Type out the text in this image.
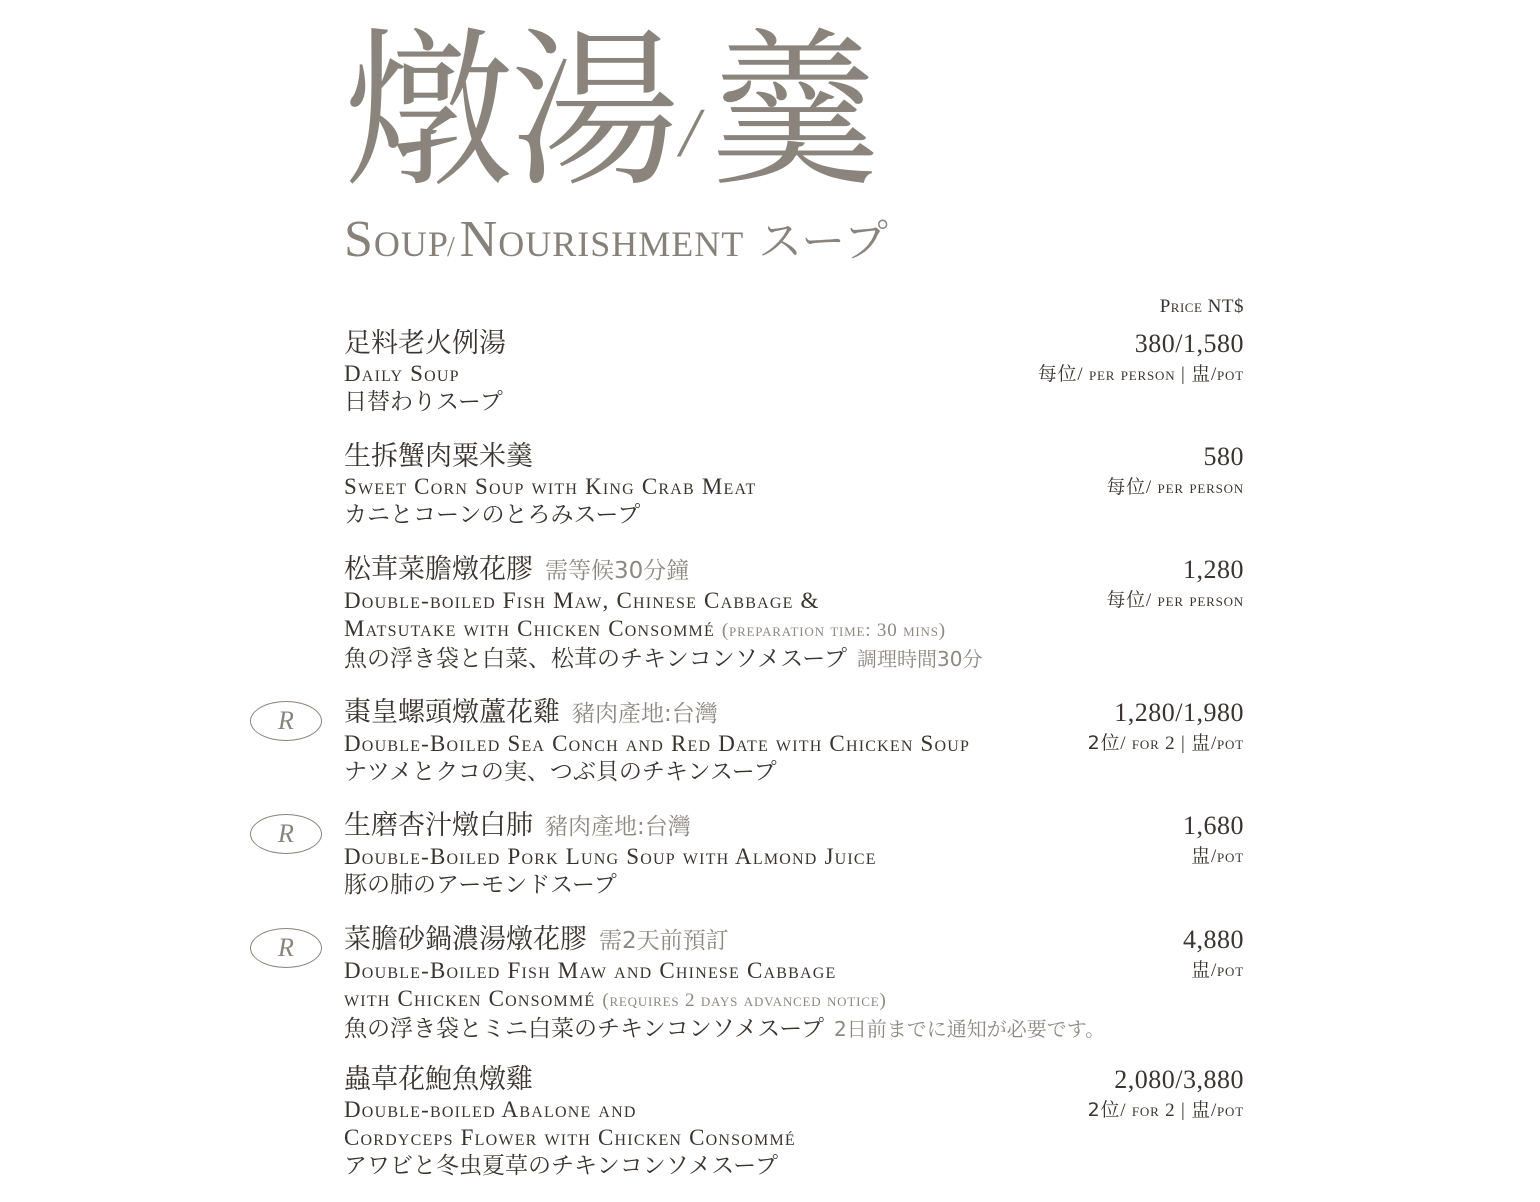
燉湯/羹
Soup/Nourishment スープ
Price NT$
足料老火例湯
Daily Soup
日替わりスープ
380/1,580
每位/ per person | 盅/pot
生拆蟹肉粟米羹
Sweet Corn Soup with King Crab Meat
カニとコーンのとろみスープ
580
每位/ per person
松茸菜膽燉花膠 需等候30分鐘
Double-boiled Fish Maw, Chinese Cabbage &
Matsutake with Chicken Consommé (preparation time: 30 mins)
魚の浮き袋と白菜、松茸のチキンコンソメスープ 調理時間30分
1,280
每位/ per person
R	棗皇螺頭燉蘆花雞 豬肉產地:台灣
Double-Boiled Sea Conch and Red Date with Chicken Soup
ナツメとクコの実、つぶ貝のチキンスープ
1,280/1,980
2位/ for 2 | 盅/pot
R	生磨杏汁燉白肺 豬肉產地:台灣
Double-Boiled Pork Lung Soup with Almond Juice
豚の肺のアーモンドスープ
1,680
盅/pot
R	菜膽砂鍋濃湯燉花膠 需2天前預訂
Double-Boiled Fish Maw and Chinese Cabbage
with Chicken Consommé (requires 2 days advanced notice)
魚の浮き袋とミニ白菜のチキンコンソメスープ 2日前までに通知が必要です。
4,880
盅/pot
蟲草花鮑魚燉雞
Double-boiled Abalone and
Cordyceps Flower with Chicken Consommé
アワビと冬虫夏草のチキンコンソメスープ
2,080/3,880
2位/ for 2 | 盅/pot
